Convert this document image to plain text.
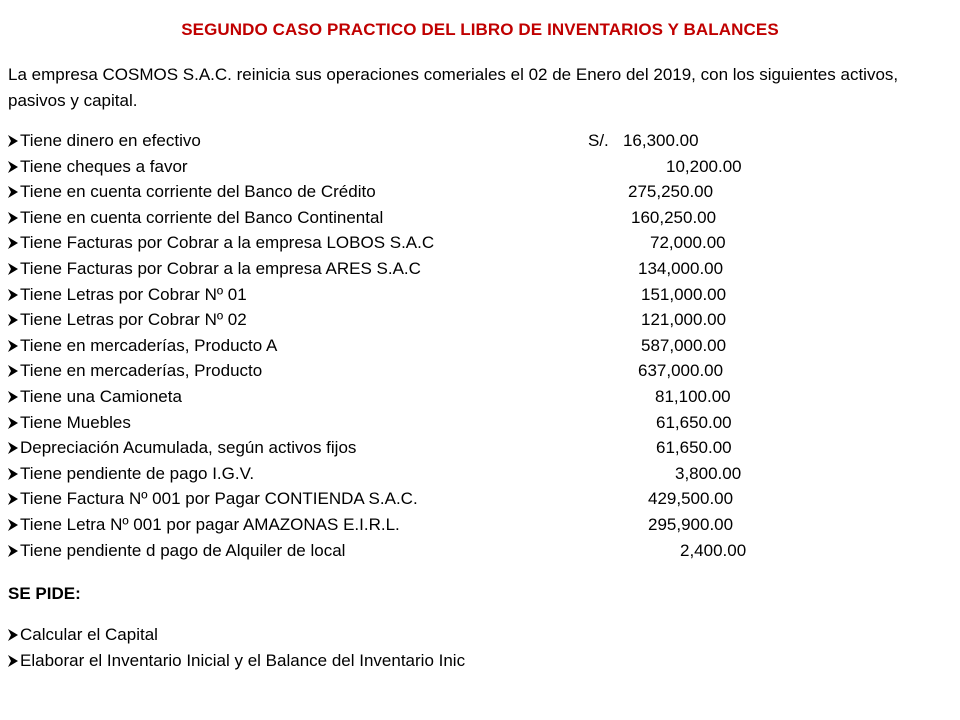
SEGUNDO CASO PRACTICO DEL LIBRO DE INVENTARIOS Y BALANCES
La empresa COSMOS S.A.C. reinicia sus operaciones comeriales el 02 de Enero del 2019, con los siguientes activos, pasivos y capital.
Tiene dinero en efectivo	S/.   16,300.00
Tiene cheques a favor	10,200.00
Tiene en cuenta corriente del Banco de Crédito	275,250.00
Tiene en cuenta corriente del Banco Continental	160,250.00
Tiene Facturas por Cobrar a la empresa LOBOS S.A.C	72,000.00
Tiene Facturas por Cobrar a la empresa ARES S.A.C	134,000.00
Tiene Letras por Cobrar Nº 01	151,000.00
Tiene Letras por Cobrar Nº 02	121,000.00
Tiene en mercaderías, Producto A	587,000.00
Tiene en mercaderías, Producto	637,000.00
Tiene una Camioneta	81,100.00
Tiene Muebles	61,650.00
Depreciación Acumulada, según activos fijos	61,650.00
Tiene pendiente de pago I.G.V.	3,800.00
Tiene Factura Nº 001 por Pagar CONTIENDA S.A.C.	429,500.00
Tiene Letra Nº 001 por pagar AMAZONAS E.I.R.L.	295,900.00
Tiene pendiente d pago de Alquiler de local	2,400.00
SE PIDE:
Calcular el Capital
Elaborar el Inventario Inicial y el Balance del Inventario Inic
